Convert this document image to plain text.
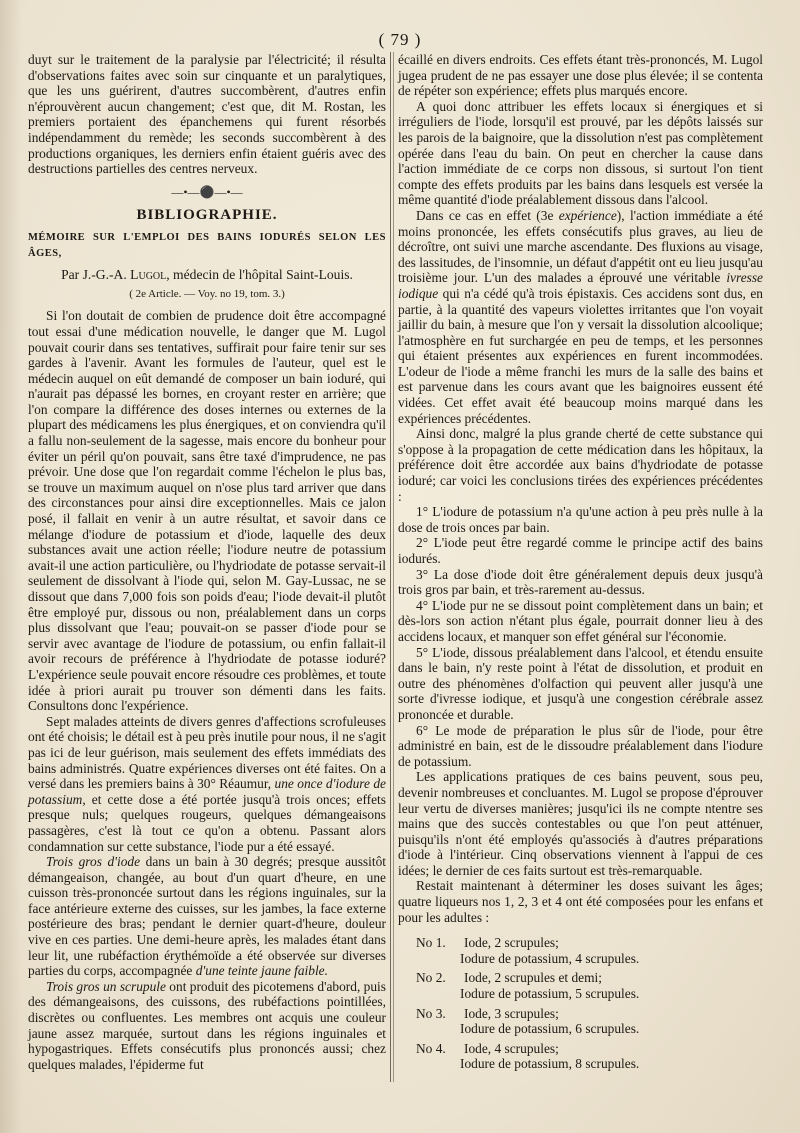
( 79 )

duyt sur le traitement de la paralysie par l'électricité; il résulta d'observations faites avec soin sur cinquante et un paralytiques, que les uns guérirent, d'autres succombèrent, d'autres enfin n'éprouvèrent aucun changement; c'est que, dit M. Rostan, les premiers portaient des épanchemens qui furent résorbés indépendamment du remède; les seconds succombèrent à des productions organiques, les derniers enfin étaient guéris avec des destructions partielles des centres nerveux.

—•—⚫—•—
BIBLIOGRAPHIE.
MÉMOIRE SUR L'EMPLOI DES BAINS IODURÉS SELON LES ÂGES,
Par J.-G.-A. Lugol, médecin de l'hôpital Saint-Louis.
( 2e Article. — Voy. no 19, tom. 3.)

Si l'on doutait de combien de prudence doit être accompagné tout essai d'une médication nouvelle, le danger que M. Lugol pouvait courir dans ses tentatives, suffirait pour faire tenir sur ses gardes à l'avenir. Avant les formules de l'auteur, quel est le médecin auquel on eût demandé de composer un bain ioduré, qui n'aurait pas dépassé les bornes, en croyant rester en arrière; que l'on compare la différence des doses internes ou externes de la plupart des médicamens les plus énergiques, et on conviendra qu'il a fallu non-seulement de la sagesse, mais encore du bonheur pour éviter un péril qu'on pouvait, sans être taxé d'imprudence, ne pas prévoir. Une dose que l'on regardait comme l'échelon le plus bas, se trouve un maximum auquel on n'ose plus tard arriver que dans des circonstances pour ainsi dire exceptionnelles. Mais ce jalon posé, il fallait en venir à un autre résultat, et savoir dans ce mélange d'iodure de potassium et d'iode, laquelle des deux substances avait une action réelle; l'iodure neutre de potassium avait-il une action particulière, ou l'hydriodate de potasse servait-il seulement de dissolvant à l'iode qui, selon M. Gay-Lussac, ne se dissout que dans 7,000 fois son poids d'eau; l'iode devait-il plutôt être employé pur, dissous ou non, préalablement dans un corps plus dissolvant que l'eau; pouvait-on se passer d'iode pour se servir avec avantage de l'iodure de potassium, ou enfin fallait-il avoir recours de préférence à l'hydriodate de potasse ioduré? L'expérience seule pouvait encore résoudre ces problèmes, et toute idée à priori aurait pu trouver son démenti dans les faits. Consultons donc l'expérience.

Sept malades atteints de divers genres d'affections scrofuleuses ont été choisis; le détail est à peu près inutile pour nous, il ne s'agit pas ici de leur guérison, mais seulement des effets immédiats des bains administrés. Quatre expériences diverses ont été faites. On a versé dans les premiers bains à 30° Réaumur, une once d'iodure de potassium, et cette dose a été portée jusqu'à trois onces; effets presque nuls; quelques rougeurs, quelques démangeaisons passagères, c'est là tout ce qu'on a obtenu. Passant alors condamnation sur cette substance, l'iode pur a été essayé.

Trois gros d'iode dans un bain à 30 degrés; presque aussitôt démangeaison, changée, au bout d'un quart d'heure, en une cuisson très-prononcée surtout dans les régions inguinales, sur la face antérieure externe des cuisses, sur les jambes, la face externe postérieure des bras; pendant le dernier quart-d'heure, douleur vive en ces parties. Une demi-heure après, les malades étant dans leur lit, une rubéfaction érythémoïde a été observée sur diverses parties du corps, accompagnée d'une teinte jaune faible.

Trois gros un scrupule ont produit des picotemens d'abord, puis des démangeaisons, des cuissons, des rubéfactions pointillées, discrètes ou confluentes. Les membres ont acquis une couleur jaune assez marquée, surtout dans les régions inguinales et hypogastriques. Effets consécutifs plus prononcés aussi; chez quelques malades, l'épiderme fut

écaillé en divers endroits. Ces effets étant très-prononcés, M. Lugol jugea prudent de ne pas essayer une dose plus élevée; il se contenta de répéter son expérience; effets plus marqués encore.

A quoi donc attribuer les effets locaux si énergiques et si irréguliers de l'iode, lorsqu'il est prouvé, par les dépôts laissés sur les parois de la baignoire, que la dissolution n'est pas complètement opérée dans l'eau du bain. On peut en chercher la cause dans l'action immédiate de ce corps non dissous, si surtout l'on tient compte des effets produits par les bains dans lesquels est versée la même quantité d'iode préalablement dissous dans l'alcool.

Dans ce cas en effet (3e expérience), l'action immédiate a été moins prononcée, les effets consécutifs plus graves, au lieu de décroître, ont suivi une marche ascendante. Des fluxions au visage, des lassitudes, de l'insomnie, un défaut d'appétit ont eu lieu jusqu'au troisième jour. L'un des malades a éprouvé une véritable ivresse iodique qui n'a cédé qu'à trois épistaxis. Ces accidens sont dus, en partie, à la quantité des vapeurs violettes irritantes que l'on voyait jaillir du bain, à mesure que l'on y versait la dissolution alcoolique; l'atmosphère en fut surchargée en peu de temps, et les personnes qui étaient présentes aux expériences en furent incommodées. L'odeur de l'iode a même franchi les murs de la salle des bains et est parvenue dans les cours avant que les baignoires eussent été vidées. Cet effet avait été beaucoup moins marqué dans les expériences précédentes.

Ainsi donc, malgré la plus grande cherté de cette substance qui s'oppose à la propagation de cette médication dans les hôpitaux, la préférence doit être accordée aux bains d'hydriodate de potasse ioduré; car voici les conclusions tirées des expériences précédentes :

1° L'iodure de potassium n'a qu'une action à peu près nulle à la dose de trois onces par bain.

2° L'iode peut être regardé comme le principe actif des bains iodurés.

3° La dose d'iode doit être généralement depuis deux jusqu'à trois gros par bain, et très-rarement au-dessus.

4° L'iode pur ne se dissout point complètement dans un bain; et dès-lors son action n'étant plus égale, pourrait donner lieu à des accidens locaux, et manquer son effet général sur l'économie.

5° L'iode, dissous préalablement dans l'alcool, et étendu ensuite dans le bain, n'y reste point à l'état de dissolution, et produit en outre des phénomènes d'olfaction qui peuvent aller jusqu'à une sorte d'ivresse iodique, et jusqu'à une congestion cérébrale assez prononcée et durable.

6° Le mode de préparation le plus sûr de l'iode, pour être administré en bain, est de le dissoudre préalablement dans l'iodure de potassium.

Les applications pratiques de ces bains peuvent, sous peu, devenir nombreuses et concluantes. M. Lugol se propose d'éprouver leur vertu de diverses manières; jusqu'ici ils ne compte ntentre ses mains que des succès contestables ou que l'on peut atténuer, puisqu'ils n'ont été employés qu'associés à d'autres préparations d'iode à l'intérieur. Cinq observations viennent à l'appui de ces idées; le dernier de ces faits surtout est très-remarquable.

Restait maintenant à déterminer les doses suivant les âges; quatre liqueurs nos 1, 2, 3 et 4 ont été composées pour les enfans et pour les adultes :

No 1.	Iode, 2 scrupules;
Iodure de potassium, 4 scrupules.
No 2.	Iode, 2 scrupules et demi;
Iodure de potassium, 5 scrupules.
No 3.	Iode, 3 scrupules;
Iodure de potassium, 6 scrupules.
No 4.	Iode, 4 scrupules;
Iodure de potassium, 8 scrupules.
